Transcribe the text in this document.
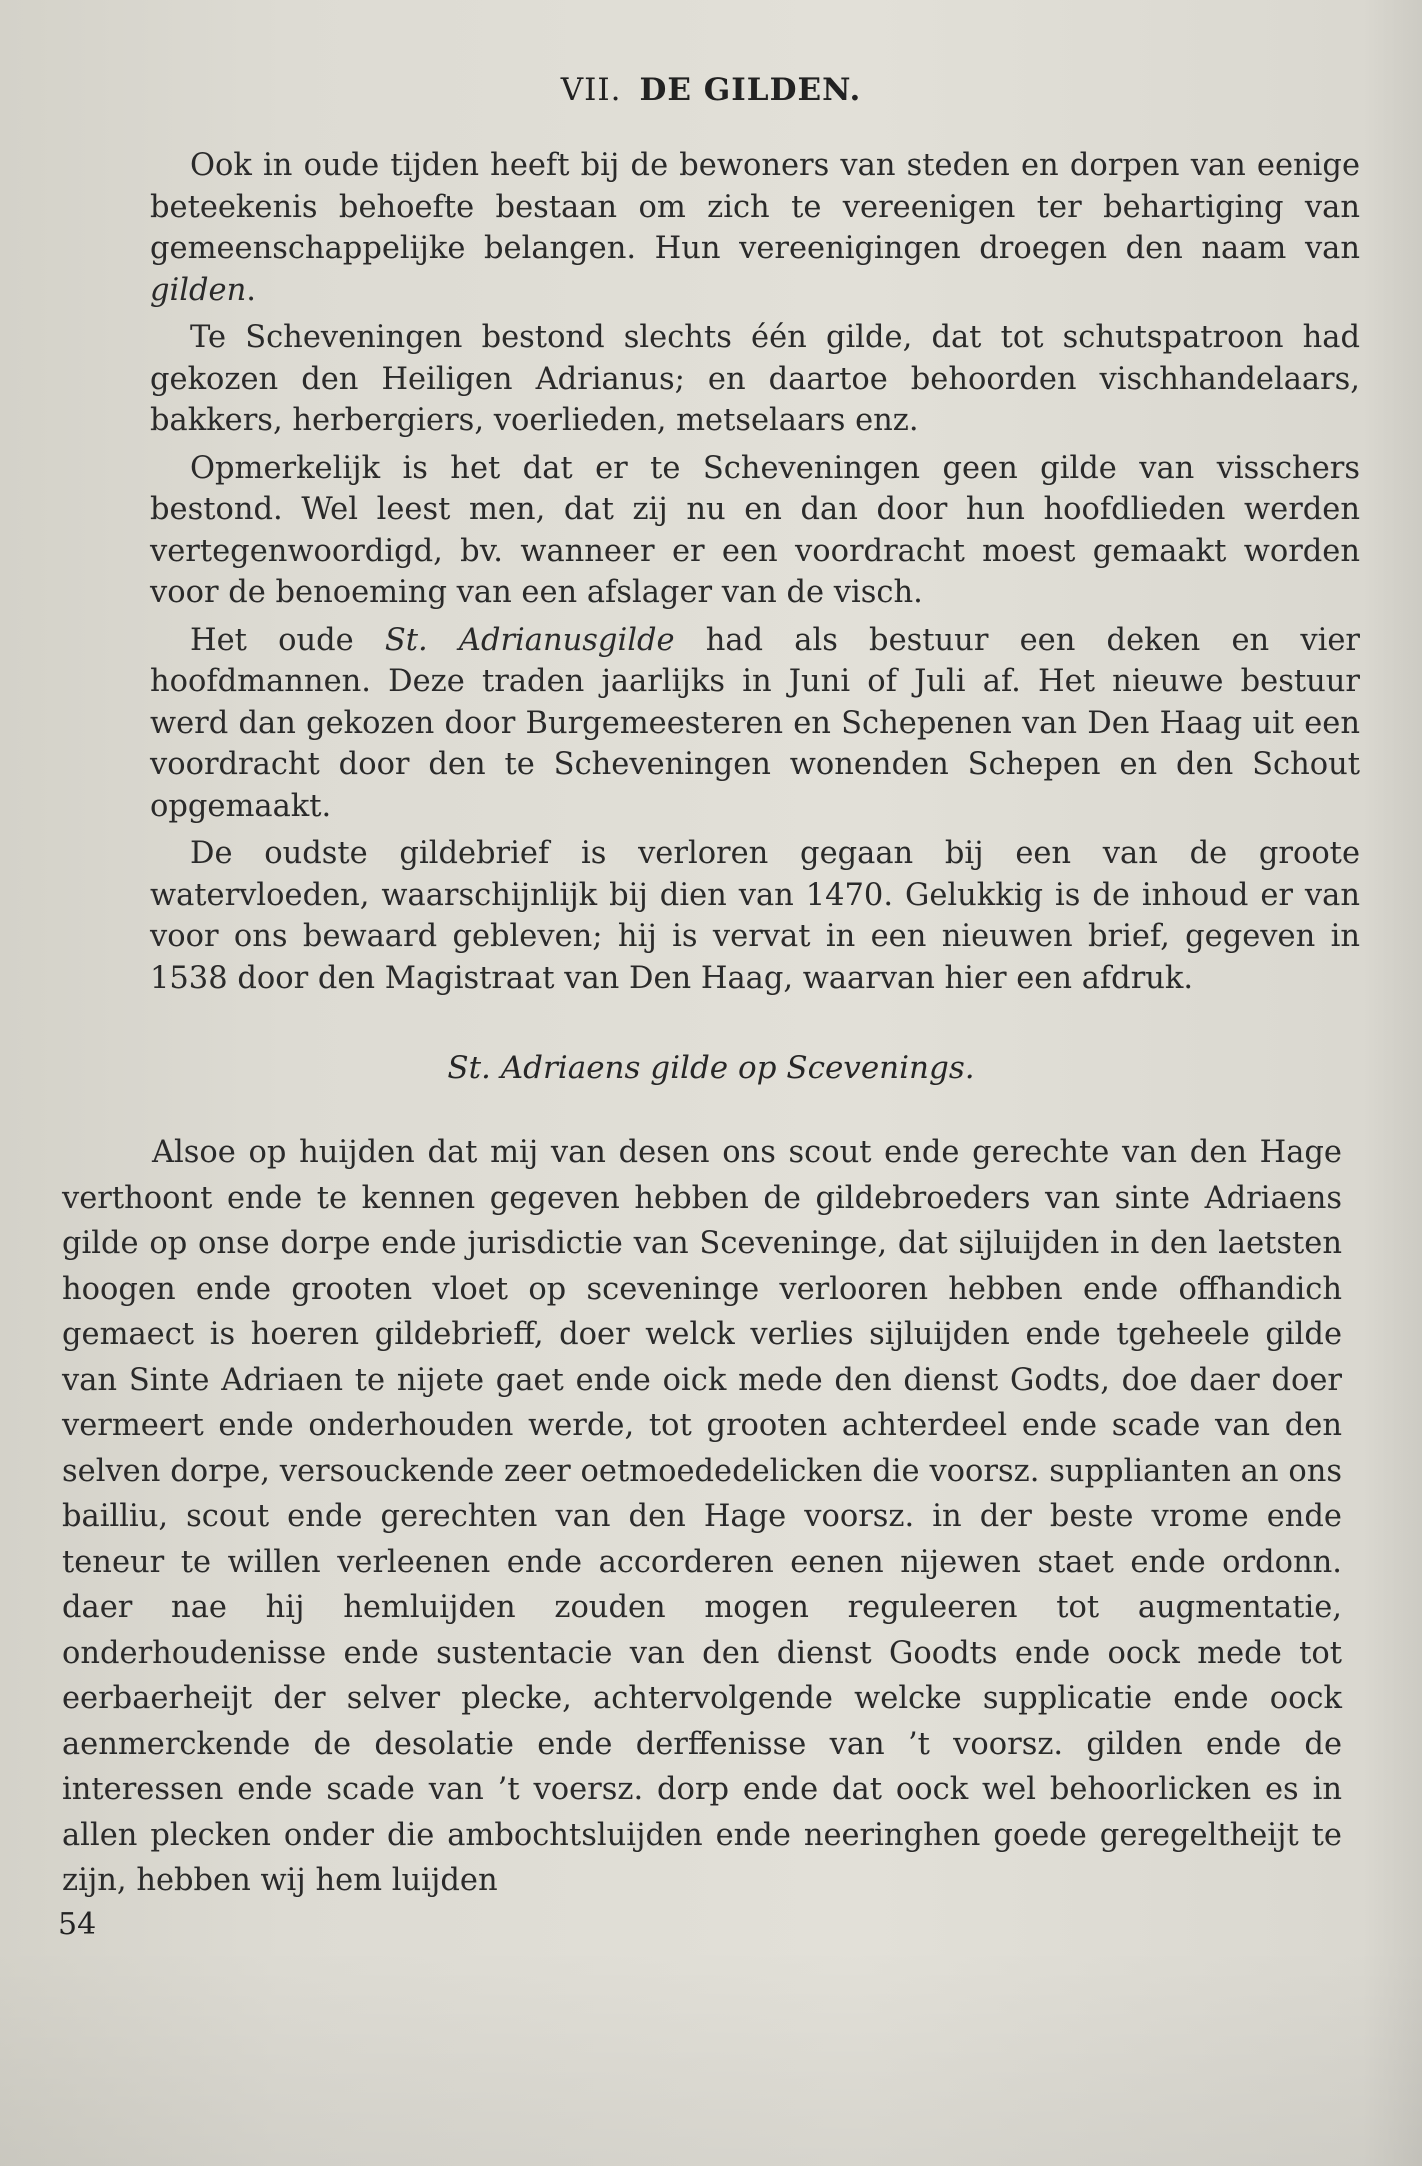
VII. DE GILDEN.

Ook in oude tijden heeft bij de bewoners van steden en dorpen van eenige beteekenis behoefte bestaan om zich te vereenigen ter behartiging van gemeenschappelijke belangen. Hun vereenigingen droegen den naam van gilden.

Te Scheveningen bestond slechts één gilde, dat tot schutspatroon had gekozen den Heiligen Adrianus; en daartoe behoorden vischhandelaars, bakkers, herbergiers, voerlieden, metselaars enz.

Opmerkelijk is het dat er te Scheveningen geen gilde van visschers bestond. Wel leest men, dat zij nu en dan door hun hoofdlieden werden vertegenwoordigd, bv. wanneer er een voordracht moest gemaakt worden voor de benoeming van een afslager van de visch.

Het oude St. Adrianusgilde had als bestuur een deken en vier hoofdmannen. Deze traden jaarlijks in Juni of Juli af. Het nieuwe bestuur werd dan gekozen door Burgemeesteren en Schepenen van Den Haag uit een voordracht door den te Scheveningen wonenden Schepen en den Schout opgemaakt.

De oudste gildebrief is verloren gegaan bij een van de groote watervloeden, waarschijnlijk bij dien van 1470. Gelukkig is de inhoud er van voor ons bewaard gebleven; hij is vervat in een nieuwen brief, gegeven in 1538 door den Magistraat van Den Haag, waarvan hier een afdruk.

St. Adriaens gilde op Scevenings.

Alsoe op huijden dat mij van desen ons scout ende gerechte van den Hage verthoont ende te kennen gegeven hebben de gildebroeders van sinte Adriaens gilde op onse dorpe ende jurisdictie van Sceveninge, dat sijluijden in den laetsten hoogen ende grooten vloet op sceveninge verlooren hebben ende offhandich gemaect is hoeren gildebrieff, doer welck verlies sijluijden ende tgeheele gilde van Sinte Adriaen te nijete gaet ende oick mede den dienst Godts, doe daer doer vermeert ende onderhouden werde, tot grooten achterdeel ende scade van den selven dorpe, versouckende zeer oetmoededelicken die voorsz. supplianten an ons bailliu, scout ende gerechten van den Hage voorsz. in der beste vrome ende teneur te willen verleenen ende accorderen eenen nijewen staet ende ordonn. daer nae hij hemluijden zouden mogen reguleeren tot augmentatie, onderhoudenisse ende sustentacie van den dienst Goodts ende oock mede tot eerbaerheijt der selver plecke, achtervolgende welcke supplicatie ende oock aenmerckende de desolatie ende derffenisse van ’t voorsz. gilden ende de interessen ende scade van ’t voersz. dorp ende dat oock wel behoorlicken es in allen plecken onder die ambochtsluijden ende neeringhen goede geregeltheijt te zijn, hebben wij hem luijden

54
